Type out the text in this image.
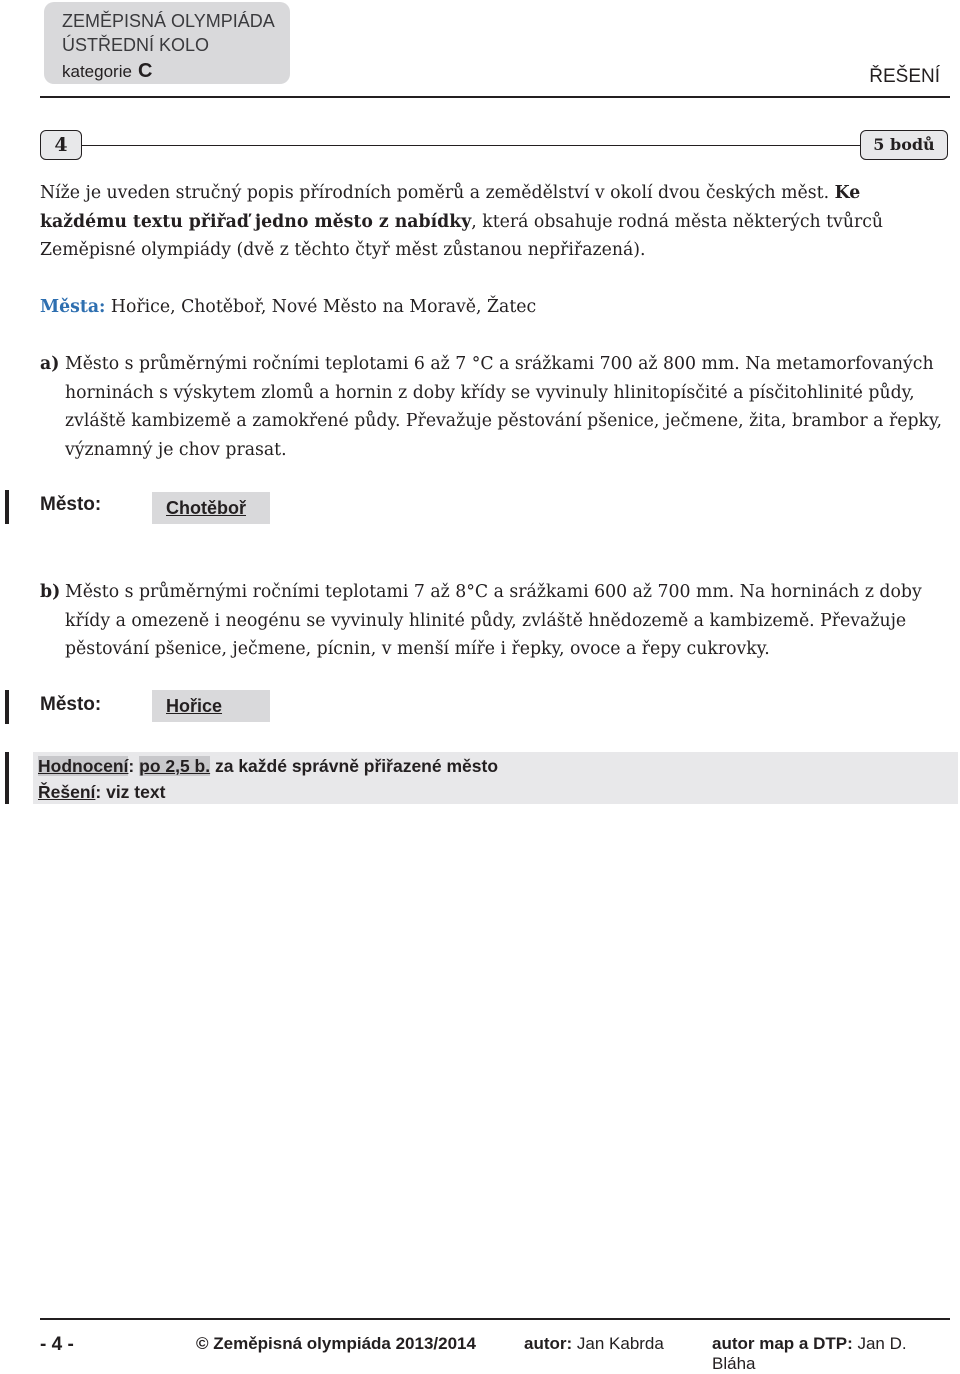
ZEMĚPISNÁ OLYMPIÁDA
ÚSTŘEDNÍ KOLO
kategorie C	ŘEŠENÍ
4	5 bodů
Níže je uveden stručný popis přírodních poměrů a zemědělství v okolí dvou českých měst. Ke každému textu přiřaď jedno město z nabídky, která obsahuje rodná města některých tvůrců Zeměpisné olympiády (dvě z těchto čtyř měst zůstanou nepřiřazená).
Města: Hořice, Chotěboř, Nové Město na Moravě, Žatec
a) Město s průměrnými ročními teplotami 6 až 7 °C a srážkami 700 až 800 mm. Na metamorfovaných horninách s výskytem zlomů a hornin z doby křídy se vyvinuly hlinitopísčité a písčitohlinité půdy, zvláště kambizemě a zamokřené půdy. Převažuje pěstování pšenice, ječmene, žita, brambor a řepky, významný je chov prasat.
Město:	Chotěboř
b) Město s průměrnými ročními teplotami 7 až 8°C a srážkami 600 až 700 mm. Na horninách z doby křídy a omezeně i neogénu se vyvinuly hlinité půdy, zvláště hnědozemě a kambizemě. Převažuje pěstování pšenice, ječmene, pícnin, v menší míře i řepky, ovoce a řepy cukrovky.
Město:	Hořice
Hodnocení: po 2,5 b. za každé správně přiřazené město
Řešení: viz text
- 4 -	© Zeměpisná olympiáda 2013/2014	autor: Jan Kabrda	autor map a DTP: Jan D. Bláha
